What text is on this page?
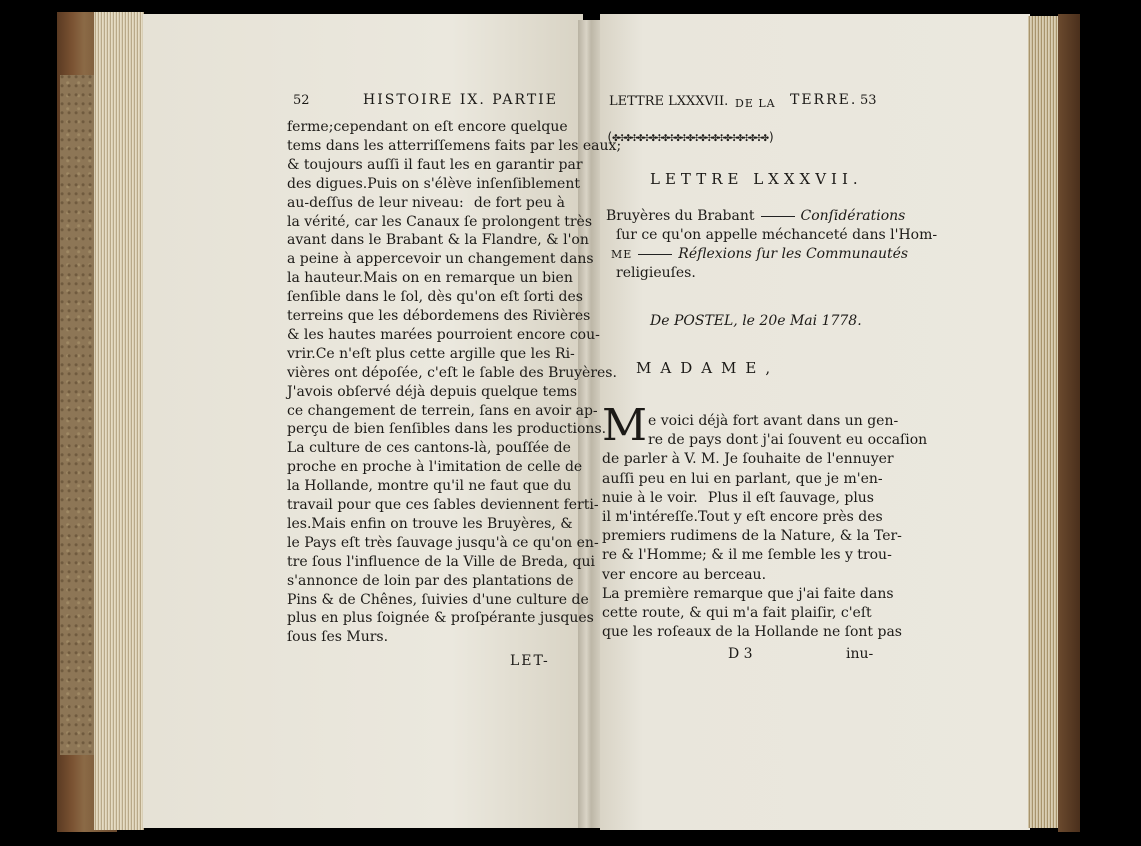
52	HISTOIRE IX. PARTIE
ferme; cependant on eſt encore quelque
tems dans les atterriſſemens faits par les eaux;
& toujours auſſi il faut les en garantir par
des digues. Puis on s'élève inſenſiblement
au-deſſus de leur niveau: de fort peu à
la vérité, car les Canaux ſe prolongent très
avant dans le Brabant & la Flandre, & l'on
a peine à appercevoir un changement dans
la hauteur. Mais on en remarque un bien
ſenſible dans le ſol, dès qu'on eſt ſorti des
terreins que les débordemens des Rivières
& les hautes marées pourroient encore cou-
vrir. Ce n'eſt plus cette argille que les Ri-
vières ont dépoſée, c'eſt le ſable des Bruyères.
J'avois obſervé déjà depuis quelque tems
ce changement de terrein, ſans en avoir ap-
perçu de bien ſenſibles dans les productions.
La culture de ces cantons-là, pouſſée de
proche en proche à l'imitation de celle de
la Hollande, montre qu'il ne faut que du
travail pour que ces ſables deviennent ferti-
les. Mais enfin on trouve les Bruyères, &
le Pays eſt très ſauvage jusqu'à ce qu'on en-
tre ſous l'influence de la Ville de Breda, qui
s'annonce de loin par des plantations de
Pins & de Chênes, ſuivies d'une culture de
plus en plus ſoignée & proſpérante jusques
ſous ſes Murs.
LET-
LETTRE LXXXVII. DE LA TERRE. 53
(✤✣✤✣✤✣✤✣✤✣✤✣✤✣✤✣✤✣✤✣✤✣✤✣✤)
LETTRE LXXXVII.
Bruyères du Brabant	Conſidérations
ſur ce qu'on appelle méchanceté dans l'Hom-
ME	Réflexions ſur les Communautés
religieuſes.
De POSTEL, le 20e Mai 1778.
MADAME,
M e voici déjà fort avant dans un gen-
re de pays dont j'ai ſouvent eu occaſion
de parler à V. M. Je ſouhaite de l'ennuyer
auſſi peu en lui en parlant, que je m'en-
nuie à le voir. Plus il eſt ſauvage, plus
il m'intéreſſe. Tout y eſt encore près des
premiers rudimens de la Nature, & la Ter-
re & l'Homme; & il me ſemble les y trou-
ver encore au berceau.
La première remarque que j'ai faite dans
cette route, & qui m'a fait plaiſir, c'eſt
que les roſeaux de la Hollande ne ſont pas
D 3	inu-
